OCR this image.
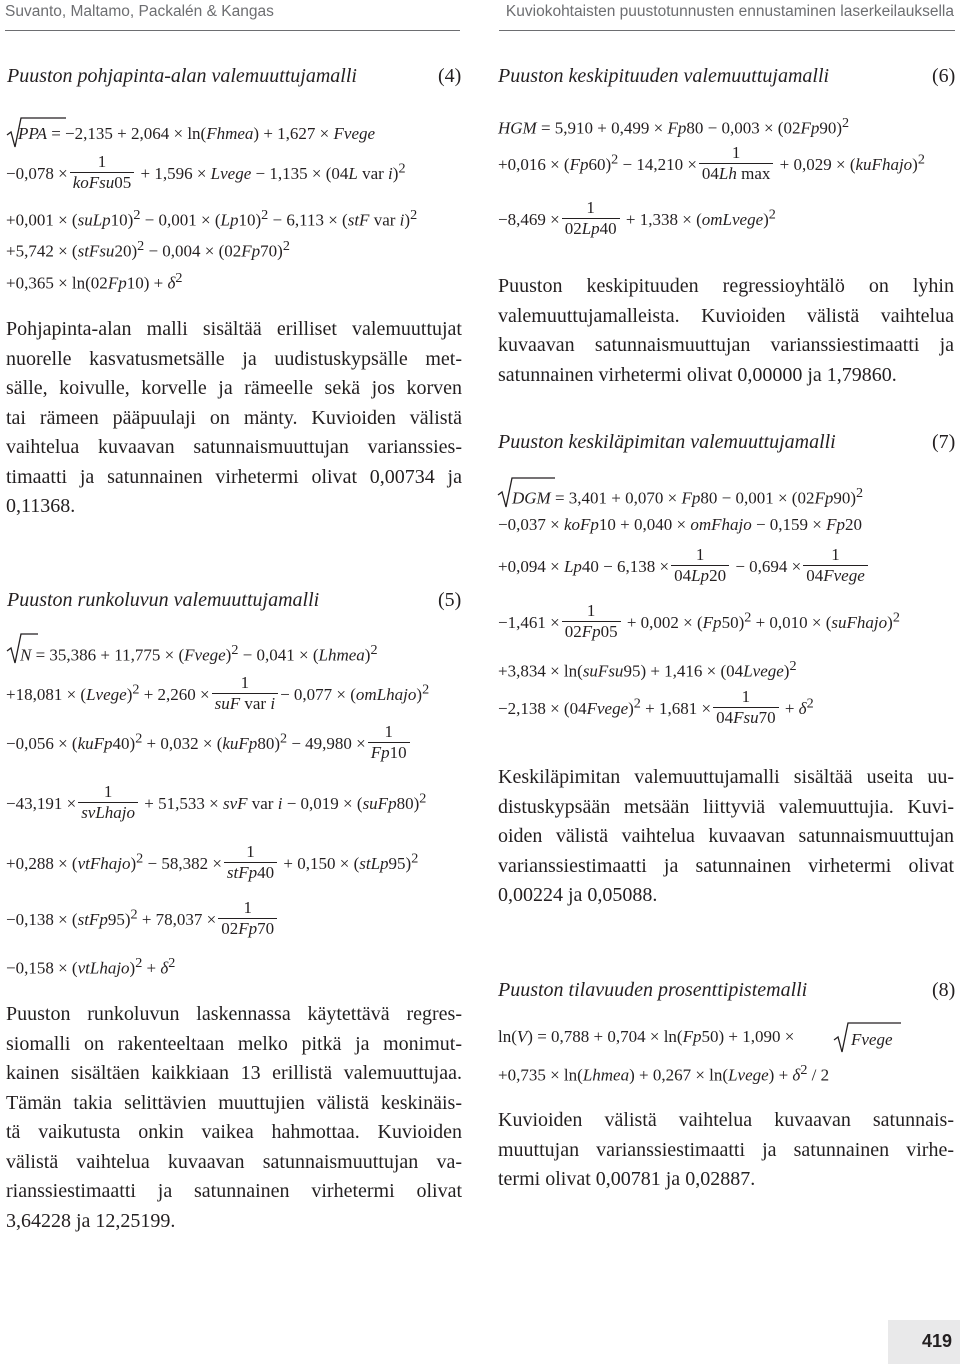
Suvanto, Maltamo, Packalén & Kangas	Kuviokohtaisten puustotunnusten ennustaminen laserkeilauksella
Puuston pohjapinta-alan valemuuttujamalli	(4)
PPA = −2,135 + 2,064 × ln(Fhmea) + 1,627 × Fvege
$-0,078 \times \frac{1}{\text{koFsu05}} + 1,596$ × Lvege − 1,135 × (04L var i)$^2$
+0,001 × (suLp10)$^2$ − $0,001 \times (Lp10)^2 - 6,113 \times (stF$ var i)$^2$
+5,742 × (stFsu20)$^2$ − $0,004 \times (02Fp70)^2$
$+0,365 \times \ln(02Fp10) + \delta^2$
Pohjapinta-alan malli sisältää erilliset valemuuttujat
nuorelle kasvatusmetsälle ja uudistuskypsälle met-
sälle, koivulle, korvelle ja rämeelle sekä jos korven
tai rämeen pääpuulaji on mänty. Kuvioiden välistä
vaihtelua kuvaavan satunnaismuuttujan varianssies-
timaatti ja satunnainen virhetermi olivat 0,00734 ja
0,11368.
Puuston runkoluvun valemuuttujamalli	(5)
N = 35,386 + 11,775 × (Fvege)$^2$ − 0,041 × (Lhmea)$^2$
+18,081 × (Lvege)$^2$ + $2,260 \times \frac{1}{\text{suF var i}} - 0,077$ × (omLhajo)$^2$
−0,056 × (kuFp40)$^2$ + 0,032 × (kuFp80)$^2$ − $49,980 \times \frac{1}{Fp10}$
$-43,191 \times \frac{1}{\text{svLhajo}} + 51,533$ × svF var i − 0,019 × (suFp80)$^2$
+0,288 × (vtFhajo)$^2$ − $58,382 \times \frac{1}{\text{stFp40}} + 0,150$ × (stLp95)$^2$
−0,138 × (stFp95)$^2$ + $78,037 \times \frac{1}{02Fp70}$
−0,158 × (vtLhajo)$^2$ + $\delta^2$
Puuston runkoluvun laskennassa käytettävä regres-
siomalli on rakenteeltaan melko pitkä ja monimut-
kainen sisältäen kaikkiaan 13 erillistä valemuuttujaa.
Tämän takia selittävien muuttujien välistä keskinäis-
tä vaikutusta onkin vaikea hahmottaa. Kuvioiden
välistä vaihtelua kuvaavan satunnaismuuttujan va-
rianssiestimaatti ja satunnainen virhetermi olivat
3,64228 ja 12,25199.
Puuston keskipituuden valemuuttujamalli	(6)
HGM = $5,910 + 0,499 \times Fp80 - 0,003 \times (02Fp90)^2$
$+0,016 \times (Fp60)^2 - 14,210 \times \frac{1}{\text{04Lh max}} + 0,029$ × (kuFhajo)$^2$
$-8,469 \times \frac{1}{02Lp40} + 1,338$ × (omLvege)$^2$
Puuston keskipituuden regressioyhtälö on lyhin
valemuuttujamalleista. Kuvioiden välistä vaihtelua
kuvaavan satunnaismuuttujan varianssiestimaatti ja
satunnainen virhetermi olivat 0,00000 ja 1,79860.
Puuston keskiläpimitan valemuuttujamalli	(7)
DGM = $3,401 + 0,070 \times Fp80 - 0,001 \times (02Fp90)^2$
−0,037 × koFp10 + 0,040 × omFhajo − 0,159 × Fp20
$+0,094 \times Lp40 - 6,138 \times \frac{1}{04Lp20} - 0,694 \times \frac{1}{\text{04Fvege}}$
$-1,461 \times \frac{1}{02Fp05} + 0,002 \times (Fp50)^2 + 0,010$ × (suFhajo)$^2$
+3,834 × ln(suFsu95) + 1,416 × (04Lvege)$^2$
−2,138 × (04Fvege)$^2$ + $1,681 \times \frac{1}{\text{04Fsu70}} + \delta^2$
Keskiläpimitan valemuuttujamalli sisältää useita uu-
distuskypsään metsään liittyviä valemuuttujia. Kuvi-
oiden välistä vaihtelua kuvaavan satunnaismuuttujan
varianssiestimaatti ja satunnainen virhetermi olivat
0,00224 ja 0,05088.
Puuston tilavuuden prosenttipistemalli	(8)
ln(V) = 0,788 + 0,704 × ln(Fp50) + 1,090 ×	Fvege
+0,735 × ln(Lhmea) + 0,267 × ln(Lvege) + $\delta^2 / 2$
Kuvioiden välistä vaihtelua kuvaavan satunnais-
muuttujan varianssiestimaatti ja satunnainen virhe-
termi olivat 0,00781 ja 0,02887.
419
